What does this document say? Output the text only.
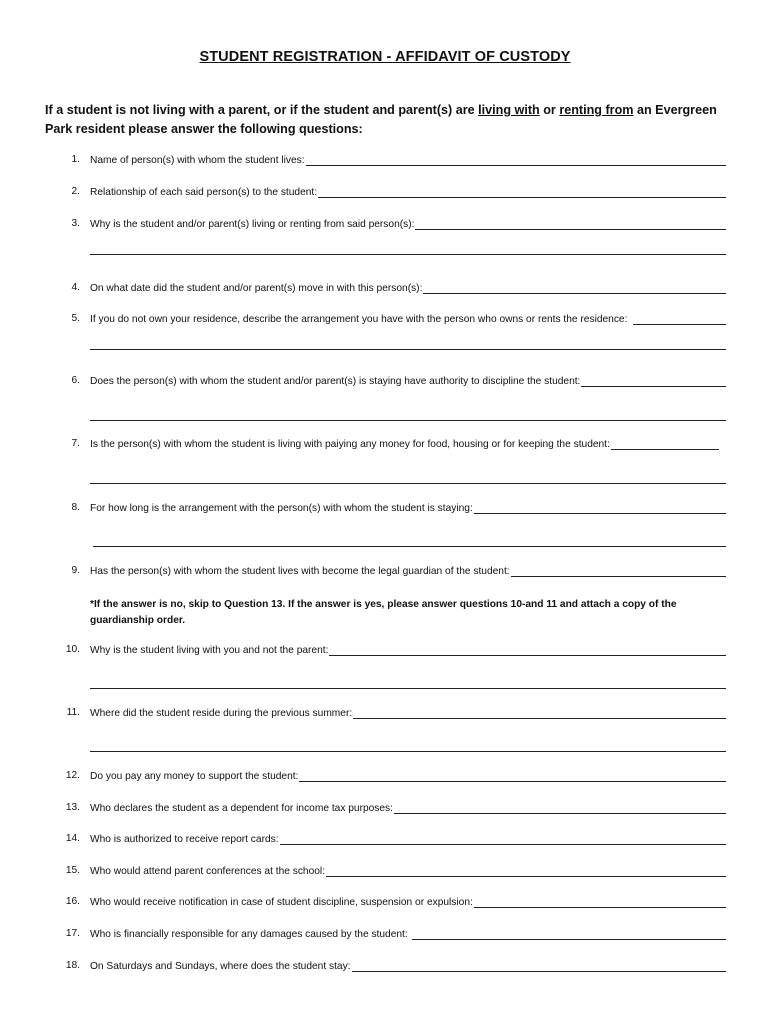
STUDENT REGISTRATION - AFFIDAVIT OF CUSTODY
If a student is not living with a parent, or if the student and parent(s) are living with or renting from an Evergreen Park resident please answer the following questions:
1. Name of person(s) with whom the student lives:
2. Relationship of each said person(s) to the student:
3. Why is the student and/or parent(s) living or renting from said person(s):
4. On what date did the student and/or parent(s) move in with this person(s):
5. If you do not own your residence, describe the arrangement you have with the person who owns or rents the residence:
6. Does the person(s) with whom the student and/or parent(s) is staying have authority to discipline the student:
7. Is the person(s) with whom the student is living with paiying any money for food, housing or for keeping the student:
8. For how long is the arrangement with the person(s) with whom the student is staying:
9. Has the person(s) with whom the student lives with become the legal guardian of the student:
*If the answer is no, skip to Question 13. If the answer is yes, please answer questions 10-and 11 and attach a copy of the guardianship order.
10. Why is the student living with you and not the parent:
11. Where did the student reside during the previous summer:
12. Do you pay any money to support the student:
13. Who declares the student as a dependent for income tax purposes:
14. Who is authorized to receive report cards:
15. Who would attend parent conferences at the school:
16. Who would receive notification in case of student discipline, suspension or expulsion:
17. Who is financially responsible for any damages caused by the student:
18. On Saturdays and Sundays, where does the student stay:
